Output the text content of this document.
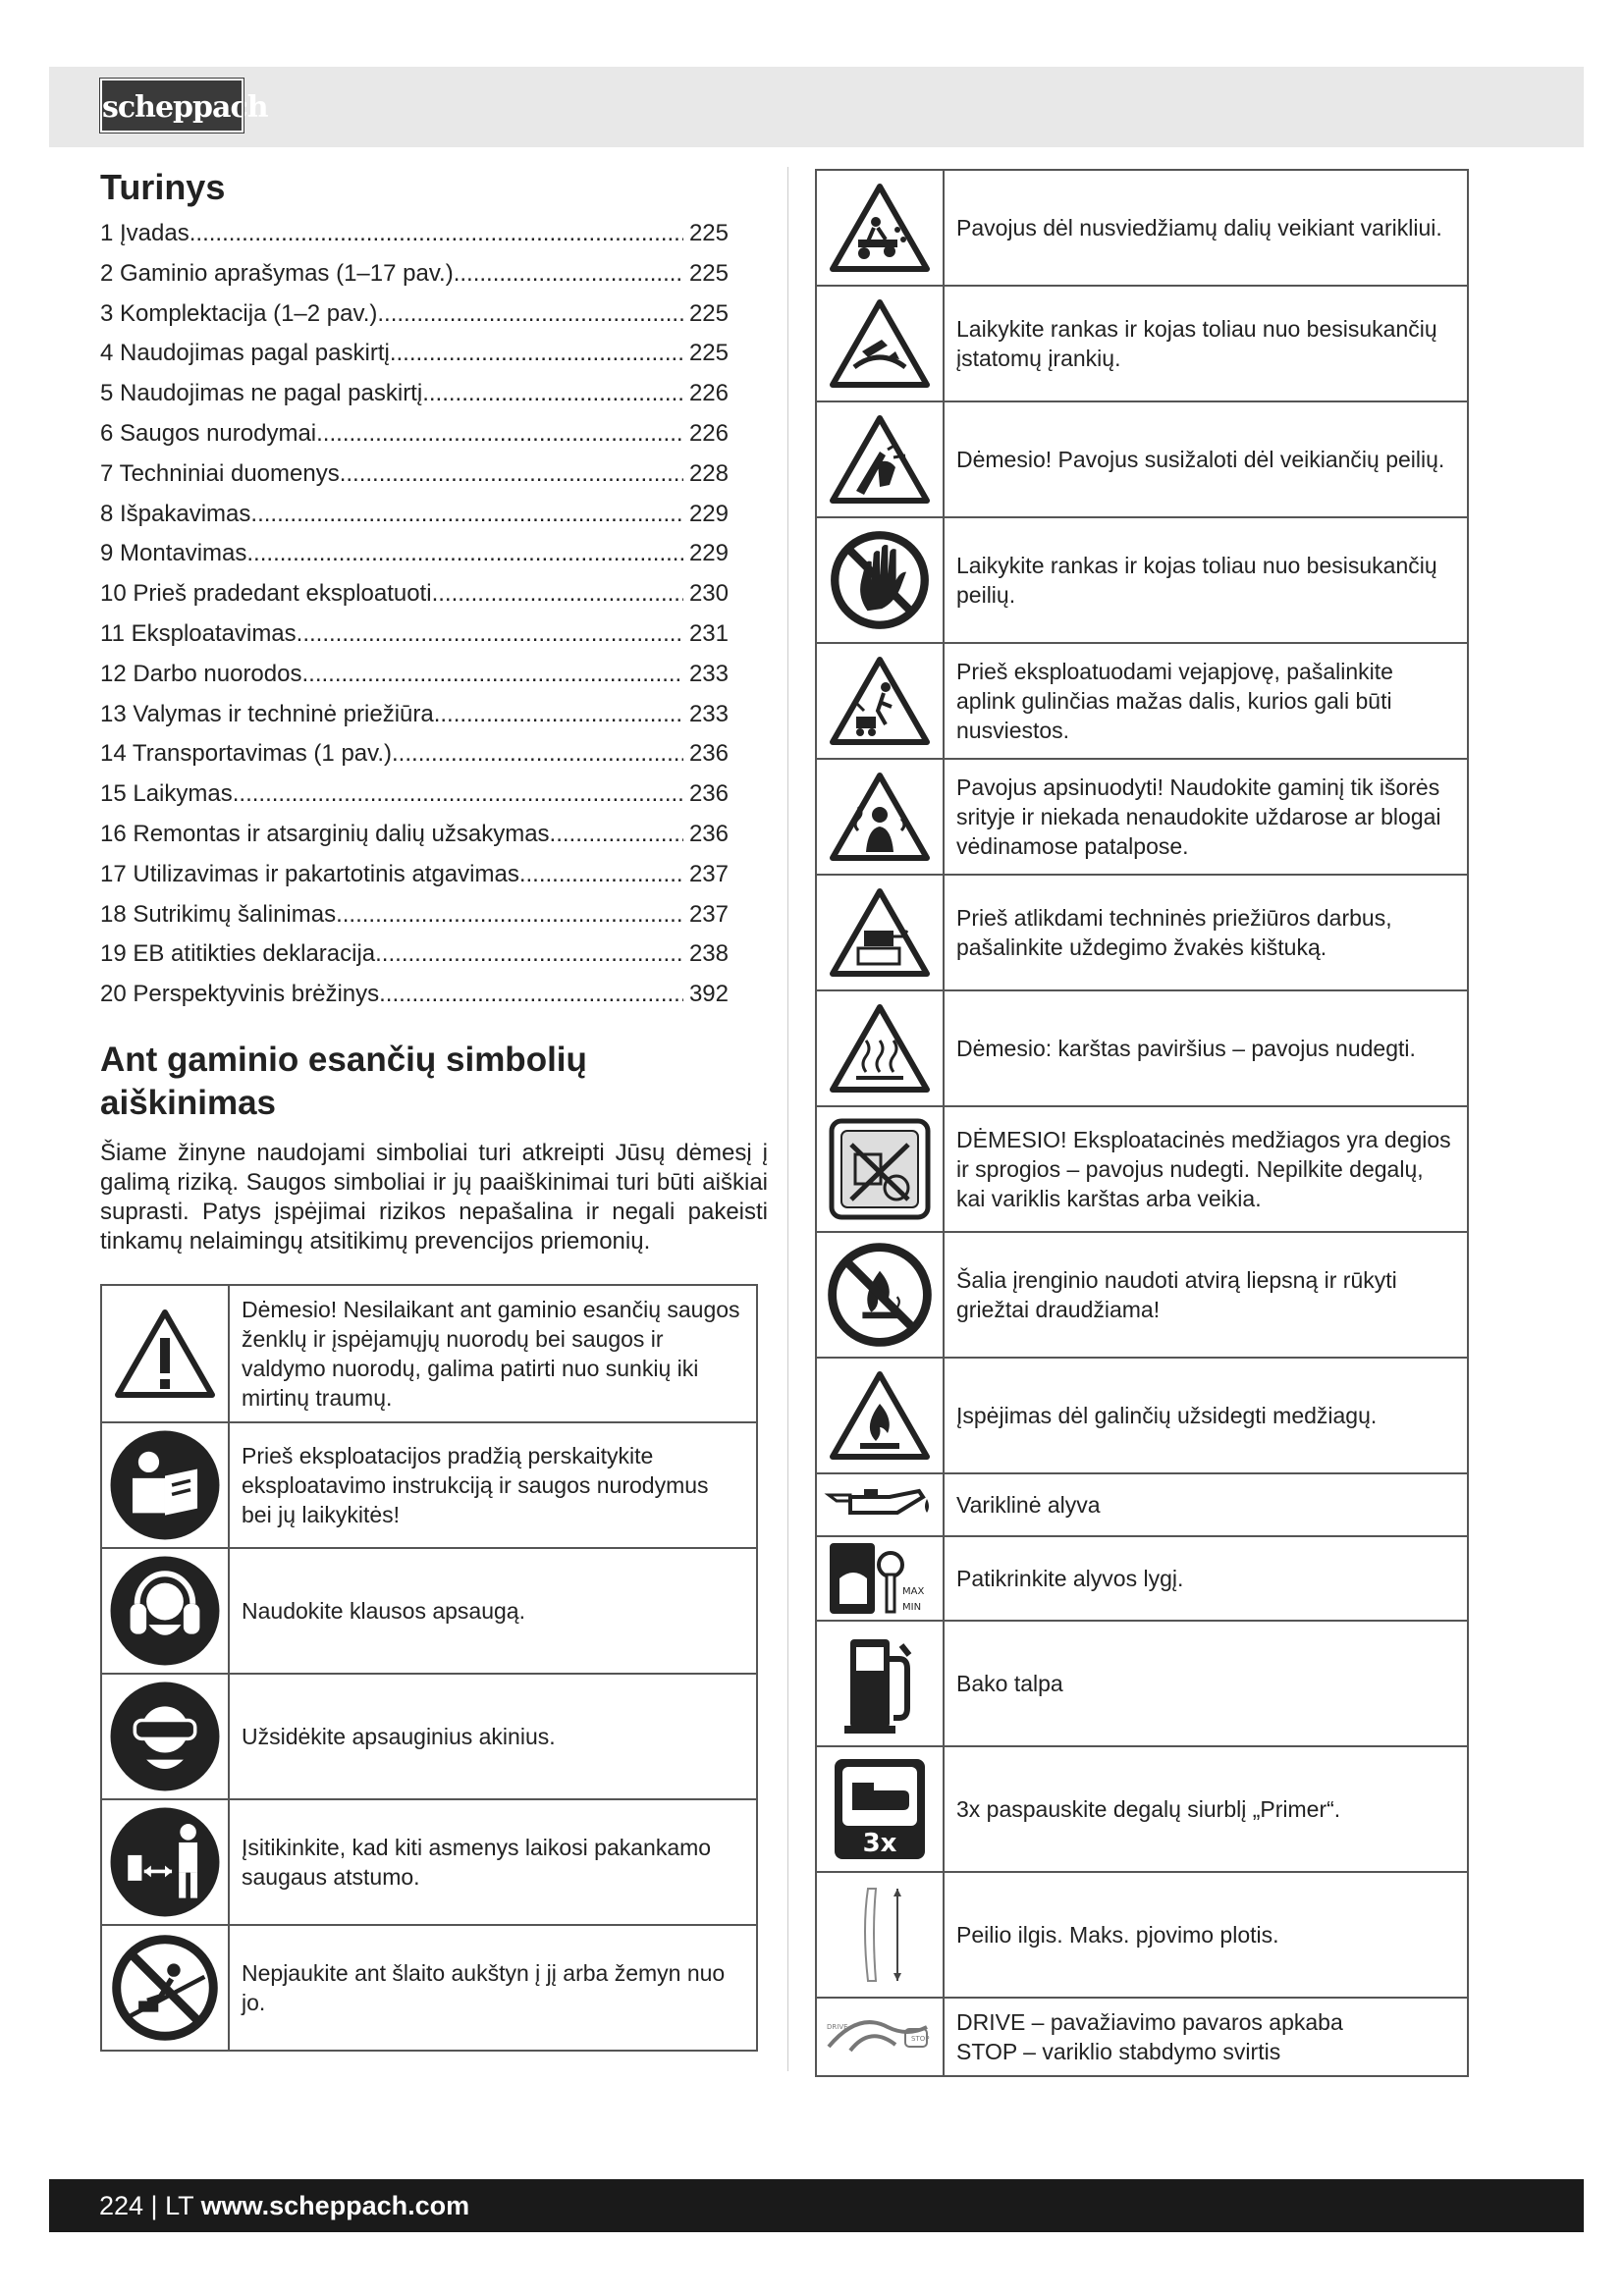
scheppach
Turinys
1 Įvadas .....	225
2 Gaminio aprašymas (1–17 pav.) .....	225
3 Komplektacija (1–2 pav.) .....	225
4 Naudojimas pagal paskirtį .....	225
5 Naudojimas ne pagal paskirtį .....	226
6 Saugos nurodymai .....	226
7 Techniniai duomenys .....	228
8 Išpakavimas .....	229
9 Montavimas .....	229
10 Prieš pradedant eksploatuoti .....	230
11 Eksploatavimas .....	231
12 Darbo nuorodos .....	233
13 Valymas ir techninė priežiūra .....	233
14 Transportavimas (1 pav.) .....	236
15 Laikymas .....	236
16 Remontas ir atsarginių dalių užsakymas .....	236
17 Utilizavimas ir pakartotinis atgavimas .....	237
18 Sutrikimų šalinimas .....	237
19 EB atitikties deklaracija .....	238
20 Perspektyvinis brėžinys .....	392
Ant gaminio esančių simbolių aiškinimas

Šiame žinyne naudojami simboliai turi atkreipti Jūsų dėmesį į galimą riziką. Saugos simboliai ir jų paaiškinimai turi būti aiškiai suprasti. Patys įspėjimai rizikos nepašalina ir negali pakeisti tinkamų nelaimingų atsitikimų prevencijos priemonių.

	Dėmesio! Nesilaikant ant gaminio esančių saugos ženklų ir įspėjamųjų nuorodų bei saugos ir valdymo nuorodų, galima patirti nuo sunkių iki mirtinų traumų.

	Prieš eksploatacijos pradžią perskaitykite eksploatavimo instrukciją ir saugos nurodymus bei jų laikykitės!

	Naudokite klausos apsaugą.

	Užsidėkite apsauginius akinius.

	Įsitikinkite, kad kiti asmenys laikosi pakankamo saugaus atstumo.

	Nepjaukite ant šlaito aukštyn į jį arba žemyn nuo jo.
	Pavojus dėl nusviedžiamų dalių veikiant varikliui.

	Laikykite rankas ir kojas toliau nuo besisukančių įstatomų įrankių.

	Dėmesio! Pavojus susižaloti dėl veikiančių peilių.

	Laikykite rankas ir kojas toliau nuo besisukančių peilių.

	Prieš eksploatuodami vejapjovę, pašalinkite aplink gulinčias mažas dalis, kurios gali būti nusviestos.

	Pavojus apsinuodyti! Naudokite gaminį tik išorės srityje ir niekada nenaudokite uždarose ar blogai vėdinamose patalpose.

	Prieš atlikdami techninės priežiūros darbus, pašalinkite uždegimo žvakės kištuką.

	Dėmesio: karštas paviršius – pavojus nudegti.

	DĖMESIO! Eksploatacinės medžiagos yra degios ir sprogios – pavojus nudegti. Nepilkite degalų, kai variklis karštas arba veikia.

	Šalia įrenginio naudoti atvirą liepsną ir rūkyti griežtai draudžiama!

	Įspėjimas dėl galinčių užsidegti medžiagų.

	Variklinė alyva

MAX
MIN	Patikrinkite alyvos lygį.

	Bako talpa

3x	3x paspauskite degalų siurblį „Primer“.

	Peilio ilgis. Maks. pjovimo plotis.

DRIVE
STOP	DRIVE – pavažiavimo pavaros apkaba
STOP – variklio stabdymo svirtis
224 | LT www.scheppach.com
